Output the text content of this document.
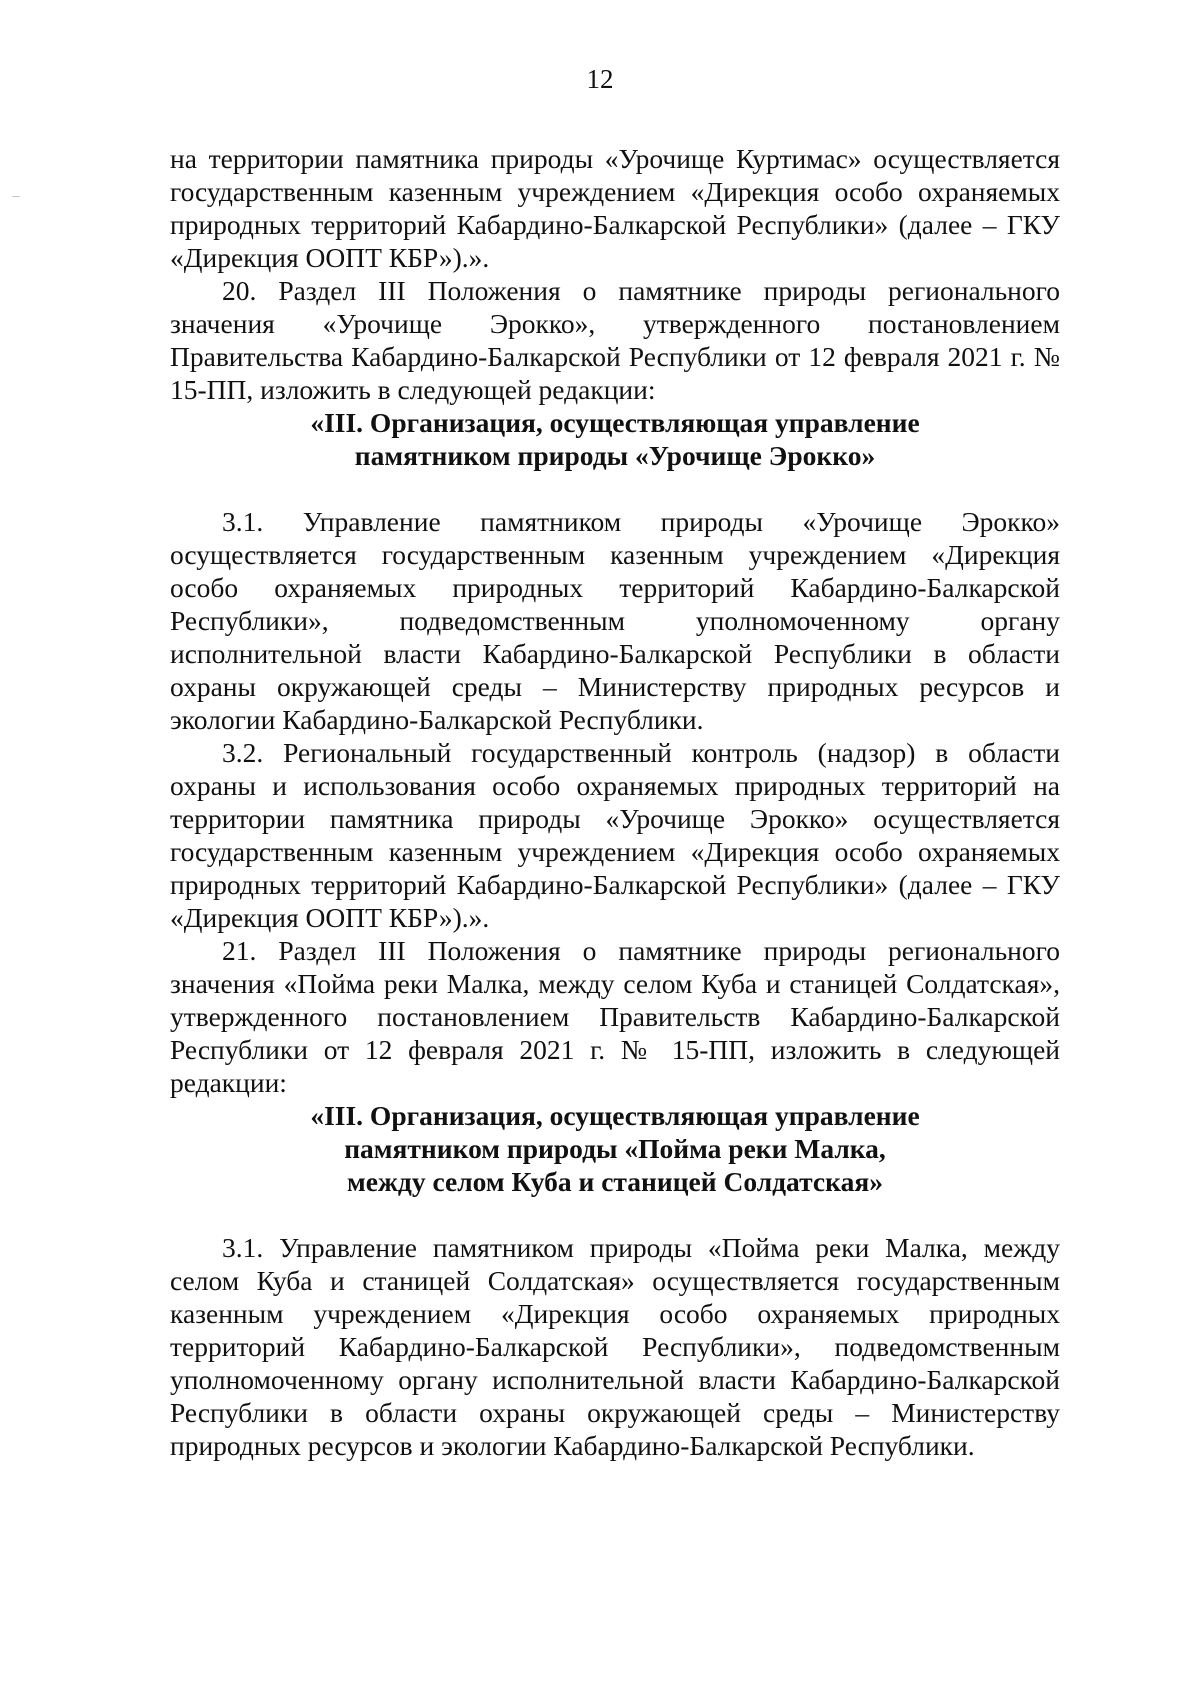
12

на территории памятника природы «Урочище Куртимас» осуществляется государственным казенным учреждением «Дирекция особо охраняемых природных территорий Кабардино-Балкарской Республики» (далее – ГКУ «Дирекция ООПТ КБР»).».

20. Раздел III Положения о памятнике природы регионального значения «Урочище Эрокко», утвержденного постановлением Правительства Кабардино-Балкарской Республики от 12 февраля 2021 г. № 15-ПП, изложить в следующей редакции:

«III. Организация, осуществляющая управление
памятником природы «Урочище Эрокко»

3.1. Управление памятником природы «Урочище Эрокко» осуществляется государственным казенным учреждением «Дирекция особо охраняемых природных территорий Кабардино-Балкарской Республики», подведомственным уполномоченному органу исполнительной власти Кабардино-Балкарской Республики в области охраны окружающей среды – Министерству природных ресурсов и экологии Кабардино-Балкарской Республики.

3.2. Региональный государственный контроль (надзор) в области охраны и использования особо охраняемых природных территорий на территории памятника природы «Урочище Эрокко» осуществляется государственным казенным учреждением «Дирекция особо охраняемых природных территорий Кабардино-Балкарской Республики» (далее – ГКУ «Дирекция ООПТ КБР»).».

21. Раздел III Положения о памятнике природы регионального значения «Пойма реки Малка, между селом Куба и станицей Солдатская», утвержденного постановлением Правительств Кабардино-Балкарской Республики от 12 февраля 2021 г. № 15-ПП, изложить в следующей редакции:

«III. Организация, осуществляющая управление
памятником природы «Пойма реки Малка,
между селом Куба и станицей Солдатская»

3.1. Управление памятником природы «Пойма реки Малка, между селом Куба и станицей Солдатская» осуществляется государственным казенным учреждением «Дирекция особо охраняемых природных территорий Кабардино-Балкарской Республики», подведомственным уполномоченному органу исполнительной власти Кабардино-Балкарской Республики в области охраны окружающей среды – Министерству природных ресурсов и экологии Кабардино-Балкарской Республики.
